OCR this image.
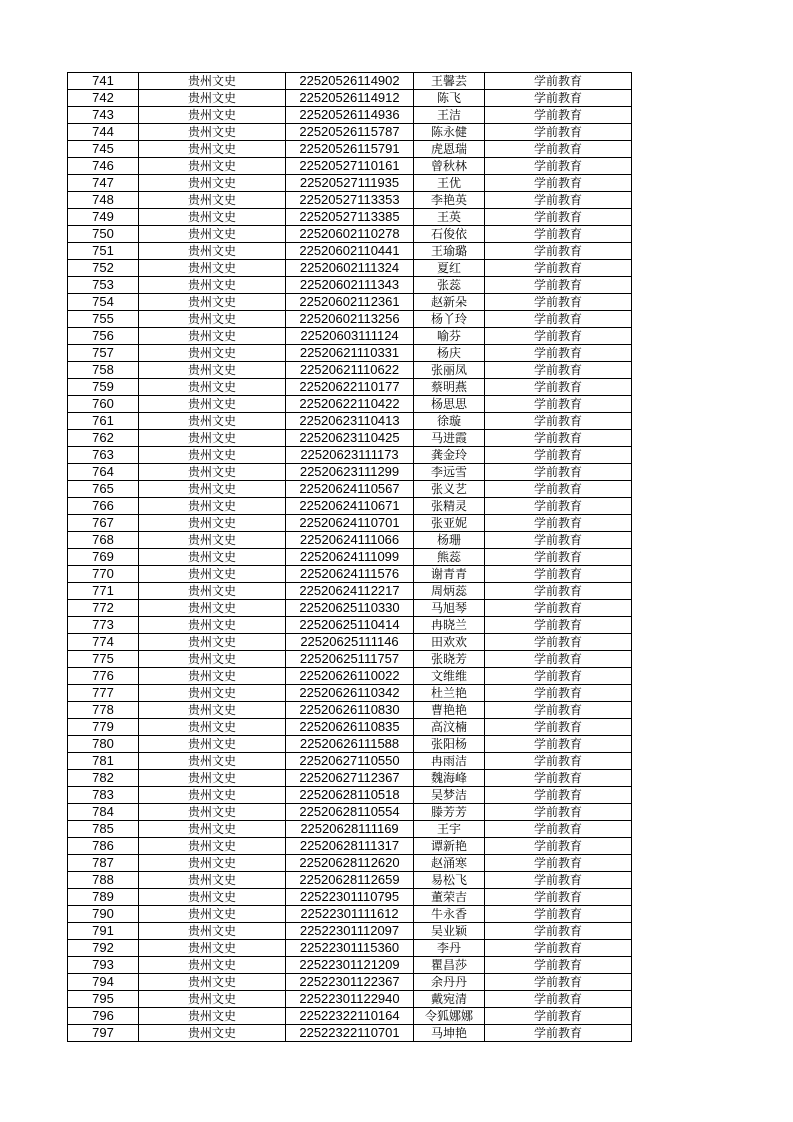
741	贵州文史	22520526114902	王馨芸	学前教育
742	贵州文史	22520526114912	陈飞	学前教育
743	贵州文史	22520526114936	王洁	学前教育
744	贵州文史	22520526115787	陈永健	学前教育
745	贵州文史	22520526115791	虎恩瑞	学前教育
746	贵州文史	22520527110161	曾秋林	学前教育
747	贵州文史	22520527111935	王优	学前教育
748	贵州文史	22520527113353	李艳英	学前教育
749	贵州文史	22520527113385	王英	学前教育
750	贵州文史	22520602110278	石俊依	学前教育
751	贵州文史	22520602110441	王瑜璐	学前教育
752	贵州文史	22520602111324	夏红	学前教育
753	贵州文史	22520602111343	张蕊	学前教育
754	贵州文史	22520602112361	赵新朵	学前教育
755	贵州文史	22520602113256	杨丫玲	学前教育
756	贵州文史	22520603111124	喻芬	学前教育
757	贵州文史	22520621110331	杨庆	学前教育
758	贵州文史	22520621110622	张丽凤	学前教育
759	贵州文史	22520622110177	蔡明燕	学前教育
760	贵州文史	22520622110422	杨思思	学前教育
761	贵州文史	22520623110413	徐璇	学前教育
762	贵州文史	22520623110425	马进霞	学前教育
763	贵州文史	22520623111173	龚金玲	学前教育
764	贵州文史	22520623111299	李远雪	学前教育
765	贵州文史	22520624110567	张义艺	学前教育
766	贵州文史	22520624110671	张精灵	学前教育
767	贵州文史	22520624110701	张亚妮	学前教育
768	贵州文史	22520624111066	杨珊	学前教育
769	贵州文史	22520624111099	熊蕊	学前教育
770	贵州文史	22520624111576	谢青青	学前教育
771	贵州文史	22520624112217	周炳蕊	学前教育
772	贵州文史	22520625110330	马旭琴	学前教育
773	贵州文史	22520625110414	冉晓兰	学前教育
774	贵州文史	22520625111146	田欢欢	学前教育
775	贵州文史	22520625111757	张晓芳	学前教育
776	贵州文史	22520626110022	文维维	学前教育
777	贵州文史	22520626110342	杜兰艳	学前教育
778	贵州文史	22520626110830	曹艳艳	学前教育
779	贵州文史	22520626110835	高汶楠	学前教育
780	贵州文史	22520626111588	张阳杨	学前教育
781	贵州文史	22520627110550	冉雨洁	学前教育
782	贵州文史	22520627112367	魏海峰	学前教育
783	贵州文史	22520628110518	吴梦洁	学前教育
784	贵州文史	22520628110554	滕芳芳	学前教育
785	贵州文史	22520628111169	王宇	学前教育
786	贵州文史	22520628111317	谭新艳	学前教育
787	贵州文史	22520628112620	赵涌寒	学前教育
788	贵州文史	22520628112659	易松飞	学前教育
789	贵州文史	22522301110795	董荣吉	学前教育
790	贵州文史	22522301111612	牛永香	学前教育
791	贵州文史	22522301112097	吴业颖	学前教育
792	贵州文史	22522301115360	李丹	学前教育
793	贵州文史	22522301121209	瞿昌莎	学前教育
794	贵州文史	22522301122367	余丹丹	学前教育
795	贵州文史	22522301122940	戴宛清	学前教育
796	贵州文史	22522322110164	令狐娜娜	学前教育
797	贵州文史	22522322110701	马坤艳	学前教育
